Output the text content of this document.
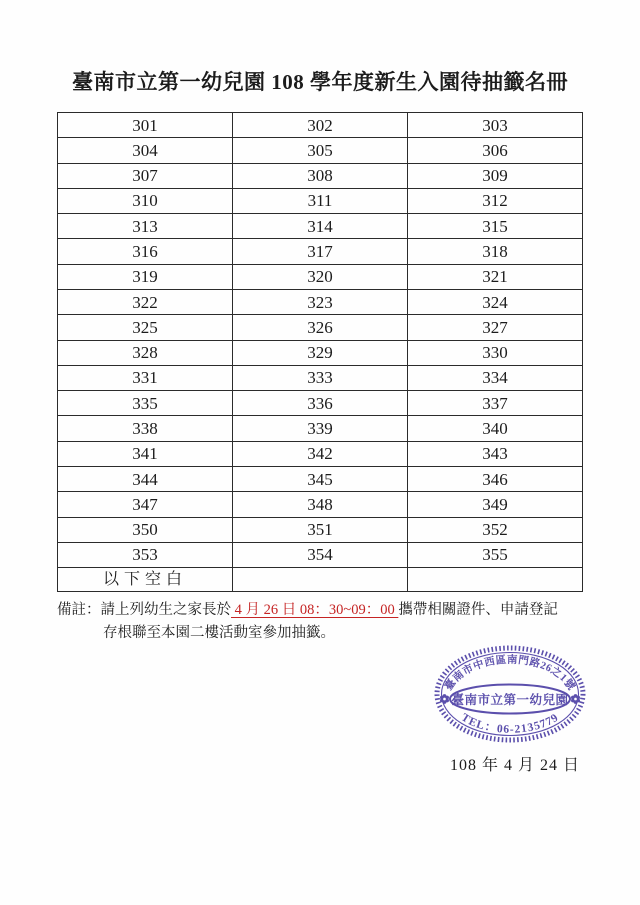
臺南市立第一幼兒園 108 學年度新生入園待抽籤名冊
301	302	303
304	305	306
307	308	309
310	311	312
313	314	315
316	317	318
319	320	321
322	323	324
325	326	327
328	329	330
331	333	334
335	336	337
338	339	340
341	342	343
344	345	346
347	348	349
350	351	352
353	354	355
以下空白		
備註：請上列幼生之家長於 4 月 26 日 08：30~09：00 攜帶相關證件、申請登記
存根聯至本園二樓活動室參加抽籤。
臺南市中西區南門路26之1號
臺南市立第一幼兒園
TEL：06-2135779
108 年 4 月 24 日
